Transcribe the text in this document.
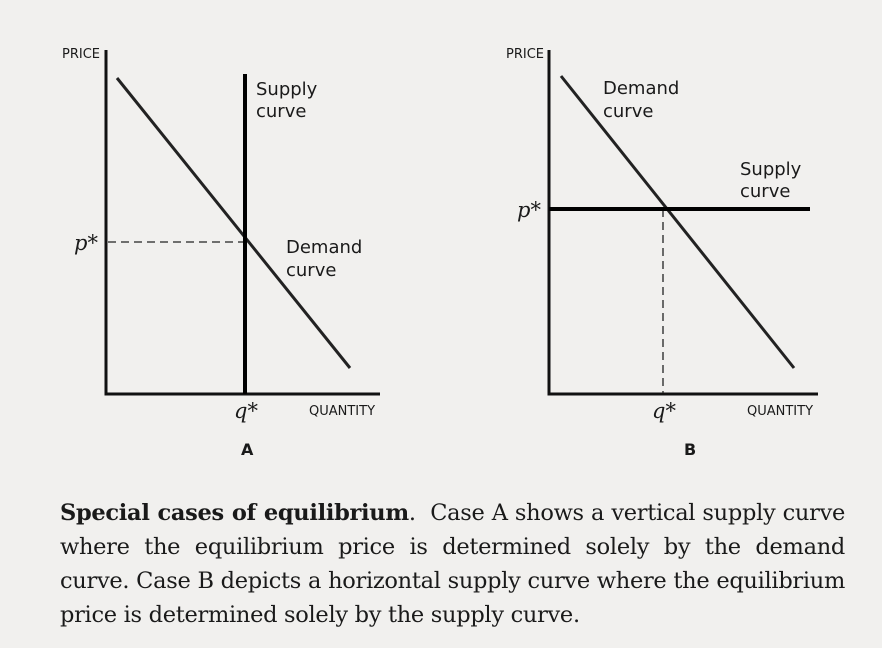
PRICE
QUANTITY
Supply
curve
Demand
curve
p*
q*
A
PRICE
QUANTITY
Demand
curve
Supply
curve
p*
q*
B

Special cases of equilibrium. Case A shows a vertical supply curve where the equilibrium price is determined solely by the demand curve. Case B depicts a horizontal supply curve where the equilibrium price is determined solely by the supply curve.
